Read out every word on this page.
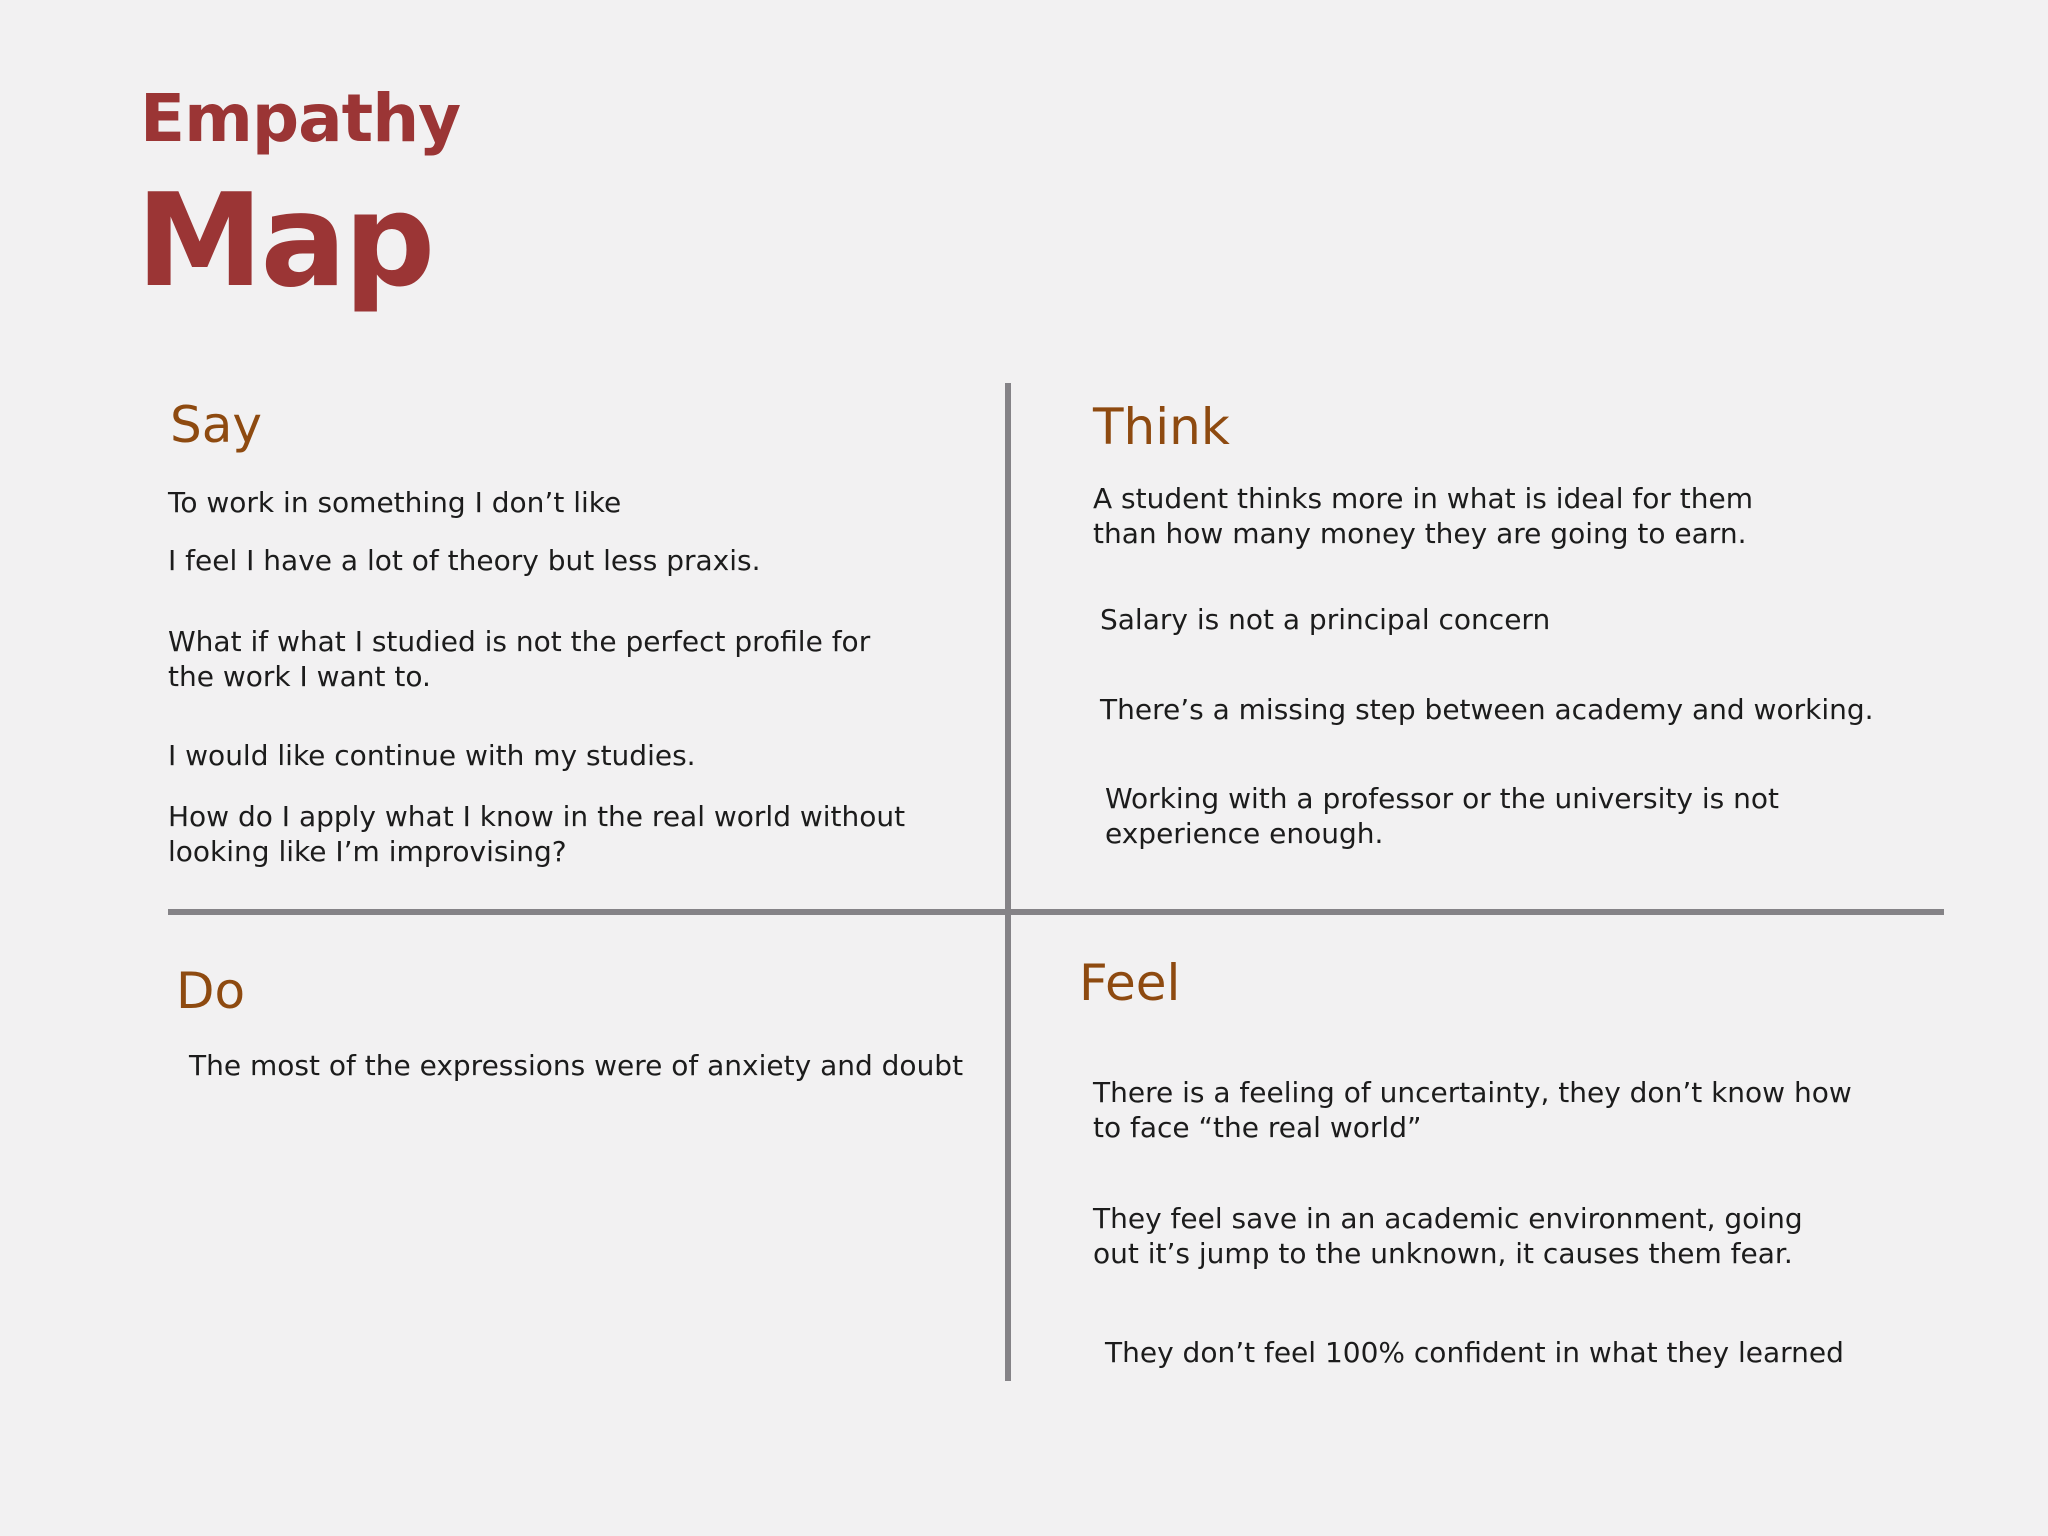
Empathy
Map
Say

To work in something I don’t like

I feel I have a lot of theory but less praxis.

What if what I studied is not the perfect profile for the work I want to.

I would like continue with my studies.

How do I apply what I know in the real world without looking like I’m improvising?

Think

A student thinks more in what is ideal for them than how many money they are going to earn.

Salary is not a principal concern

There’s a missing step between academy and working.

Working with a professor or the university is not experience enough.

Do

The most of the expressions were of anxiety and doubt

Feel

There is a feeling of uncertainty, they don’t know how to face “the real world”

They feel save in an academic environment, going out it’s jump to the unknown, it causes them fear.

They don’t feel 100% confident in what they learned
